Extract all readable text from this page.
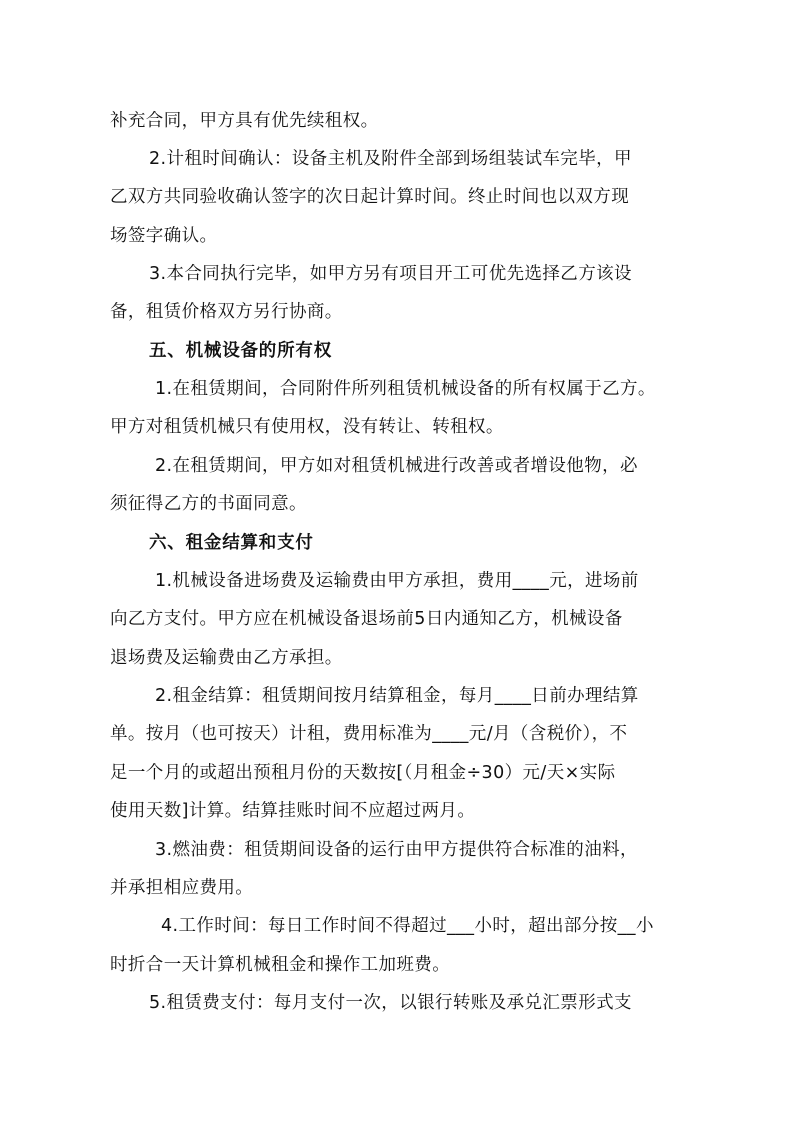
补充合同，甲方具有优先续租权。
2.计租时间确认：设备主机及附件全部到场组装试车完毕，甲
乙双方共同验收确认签字的次日起计算时间。终止时间也以双方现
场签字确认。
3.本合同执行完毕，如甲方另有项目开工可优先选择乙方该设
备，租赁价格双方另行协商。
五、机械设备的所有权
1.在租赁期间，合同附件所列租赁机械设备的所有权属于乙方。
甲方对租赁机械只有使用权，没有转让、转租权。
2.在租赁期间，甲方如对租赁机械进行改善或者增设他物，必
须征得乙方的书面同意。
六、租金结算和支付
1.机械设备进场费及运输费由甲方承担，费用____元，进场前
向乙方支付。甲方应在机械设备退场前5日内通知乙方，机械设备
退场费及运输费由乙方承担。
2.租金结算：租赁期间按月结算租金，每月____日前办理结算
单。按月（也可按天）计租，费用标准为____元/月（含税价），不
足一个月的或超出预租月份的天数按[（月租金÷30）元/天×实际
使用天数]计算。结算挂账时间不应超过两月。
3.燃油费：租赁期间设备的运行由甲方提供符合标准的油料，
并承担相应费用。
4.工作时间：每日工作时间不得超过___小时，超出部分按__小
时折合一天计算机械租金和操作工加班费。
5.租赁费支付：每月支付一次，以银行转账及承兑汇票形式支
